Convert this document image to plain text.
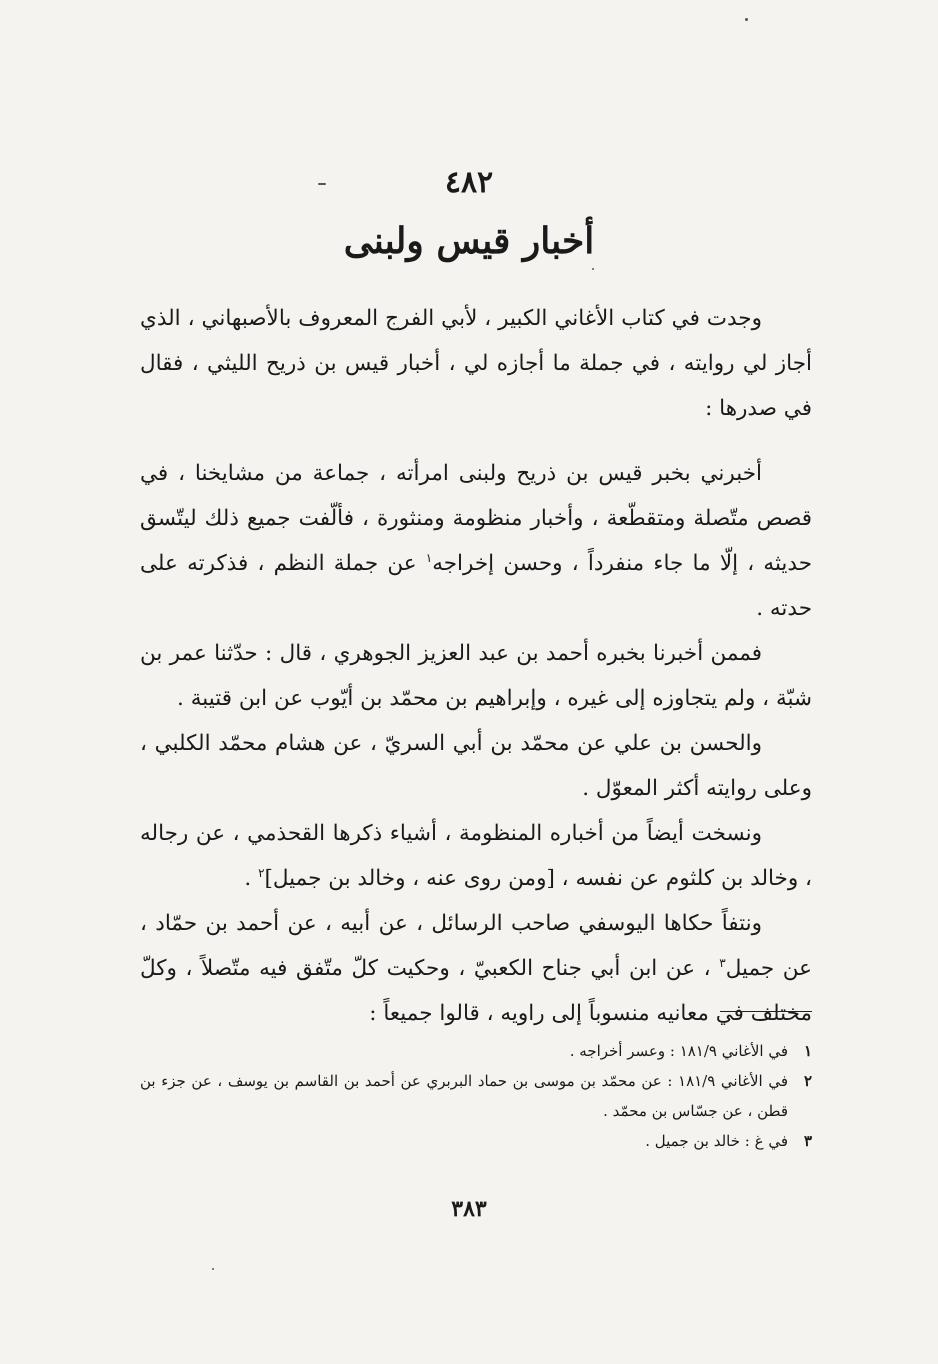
٤٨٢
أخبار قيس ولبنى

وجدت في كتاب الأغاني الكبير ، لأبي الفرج المعروف بالأصبهاني ، الذي أجاز لي روايته ، في جملة ما أجازه لي ، أخبار قيس بن ذريح الليثي ، فقال في صدرها :

أخبرني بخبر قيس بن ذريح ولبنى امرأته ، جماعة من مشايخنا ، في قصص متّصلة ومتقطّعة ، وأخبار منظومة ومنثورة ، فألّفت جميع ذلك ليتّسق حديثه ، إلّا ما جاء منفرداً ، وحسن إخراجه$^١$ عن جملة النظم ، فذكرته على حدته .

فممن أخبرنا بخبره أحمد بن عبد العزيز الجوهري ، قال : حدّثنا عمر بن شبّة ، ولم يتجاوزه إلى غيره ، وإبراهيم بن محمّد بن أيّوب عن ابن قتيبة .

والحسن بن علي عن محمّد بن أبي السريّ ، عن هشام محمّد الكلبي ، وعلى روايته أكثر المعوّل .

ونسخت أيضاً من أخباره المنظومة ، أشياء ذكرها القحذمي ، عن رجاله ، وخالد بن كلثوم عن نفسه ، [ومن روى عنه ، وخالد بن جميل]$^٢$ .

ونتفاً حكاها اليوسفي صاحب الرسائل ، عن أبيه ، عن أحمد بن حمّاد ، عن جميل$^٣$ ، عن ابن أبي جناح الكعبيّ ، وحكيت كلّ متّفق فيه متّصلاً ، وكلّ مختلف في معانيه منسوباً إلى راويه ، قالوا جميعاً :

١
في الأغاني ١٨١/٩ : وعسر أخراجه .
٢
في الأغاني ١٨١/٩ : عن محمّد بن موسى بن حماد البربري عن أحمد بن القاسم بن يوسف ، عن جزء بن قطن ، عن جسّاس بن محمّد .
٣
في غ : خالد بن جميل .
٣٨٣
